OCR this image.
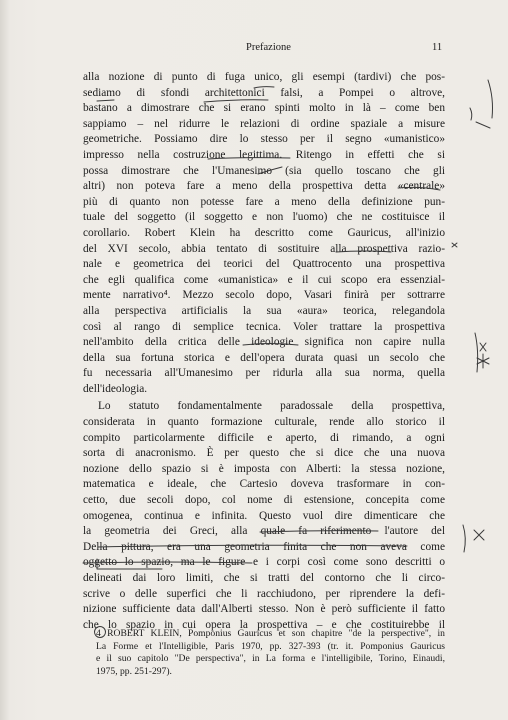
Prefazione	11
alla nozione di punto di fuga unico, gli esempi (tardivi) che pos-
sediamo di sfondi architettonici falsi, a Pompei o altrove,
bastano a dimostrare che si erano spinti molto in là – come ben
sappiamo – nel ridurre le relazioni di ordine spaziale a misure
geometriche. Possiamo dire lo stesso per il segno «umanistico»
impresso nella costruzione legittima. Ritengo in effetti che si
possa dimostrare che l'Umanesimo (sia quello toscano che gli
altri) non poteva fare a meno della prospettiva detta «centrale»
più di quanto non potesse fare a meno della definizione pun-
tuale del soggetto (il soggetto e non l'uomo) che ne costituisce il
corollario. Robert Klein ha descritto come Gauricus, all'inizio
del XVI secolo, abbia tentato di sostituire alla prospettiva razio-
nale e geometrica dei teorici del Quattrocento una prospettiva
che egli qualifica come «umanistica» e il cui scopo era essenzial-
mente narrativo⁴. Mezzo secolo dopo, Vasari finirà per sottrarre
alla perspectiva artificialis la sua «aura» teorica, relegandola
così al rango di semplice tecnica. Voler trattare la prospettiva
nell'ambito della critica delle ideologie significa non capire nulla
della sua fortuna storica e dell'opera durata quasi un secolo che
fu necessaria all'Umanesimo per ridurla alla sua norma, quella
dell'ideologia.
Lo statuto fondamentalmente paradossale della prospettiva,
considerata in quanto formazione culturale, rende allo storico il
compito particolarmente difficile e aperto, di rimando, a ogni
sorta di anacronismo. È per questo che si dice che una nuova
nozione dello spazio si è imposta con Alberti: la stessa nozione,
matematica e ideale, che Cartesio doveva trasformare in con-
cetto, due secoli dopo, col nome di estensione, concepita come
omogenea, continua e infinita. Questo vuol dire dimenticare che
la geometria dei Greci, alla quale fa riferimento l'autore del
Della pittura, era una geometria finita che non aveva come
oggetto lo spazio, ma le figure e i corpi così come sono descritti o
delineati dai loro limiti, che si tratti del contorno che li circo-
scrive o delle superfici che li racchiudono, per riprendere la defi-
nizione sufficiente data dall'Alberti stesso. Non è però sufficiente il fatto
che lo spazio in cui opera la prospettiva – e che costituirebbe il
4 ROBERT KLEIN, Pomponius Gauricus et son chapitre "de la perspective", in
La Forme et l'Intelligible, Paris 1970, pp. 327-393 (tr. it. Pomponius Gauricus
e il suo capitolo "De perspectiva", in La forma e l'intelligibile, Torino, Einaudi,
1975, pp. 251-297).
